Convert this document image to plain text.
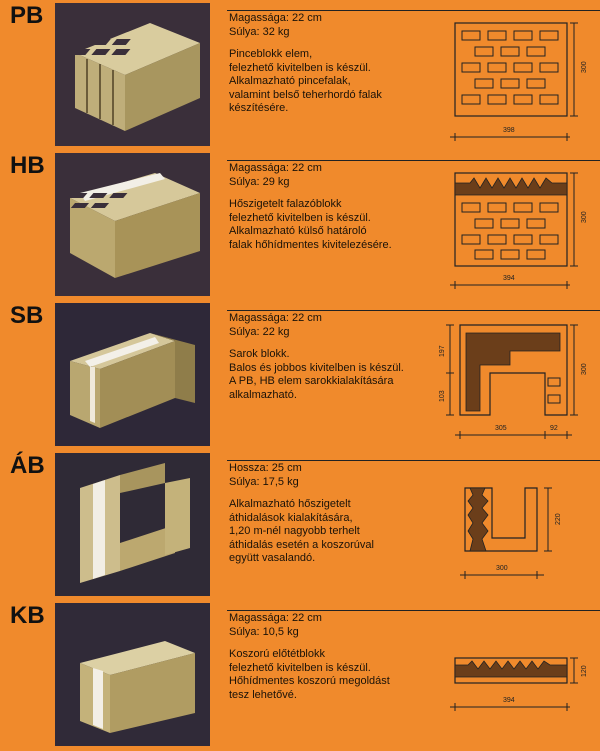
PB	Magassága: 22 cm
Súlya: 32 kg
Pinceblokk elem,
felezhető kivitelben is készül.
Alkalmazható pincefalak,
valamint belső teherhordó falak
készítésére.
300
398
HB	Magassága: 22 cm
Súlya: 29 kg
Hőszigetelt falazóblokk
felezhető kivitelben is készül.
Alkalmazható külső határoló
falak hőhídmentes kivitelezésére.
300
394
SB	Magassága: 22 cm
Súlya: 22 kg
Sarok blokk.
Balos és jobbos kivitelben is készül.
A PB, HB elem sarokkialakítására
alkalmazható.
197
103
300
305	92
ÁB	Hossza: 25 cm
Súlya: 17,5 kg
Alkalmazható hőszigetelt
áthidalások kialakítására,
1,20 m-nél nagyobb terhelt
áthidalás esetén a koszorúval
együtt vasalandó.
220
300
KB	Magassága: 22 cm
Súlya: 10,5 kg
Koszorú előtétblokk
felezhető kivitelben is készül.
Hőhídmentes koszorú megoldást
tesz lehetővé.
120
394
